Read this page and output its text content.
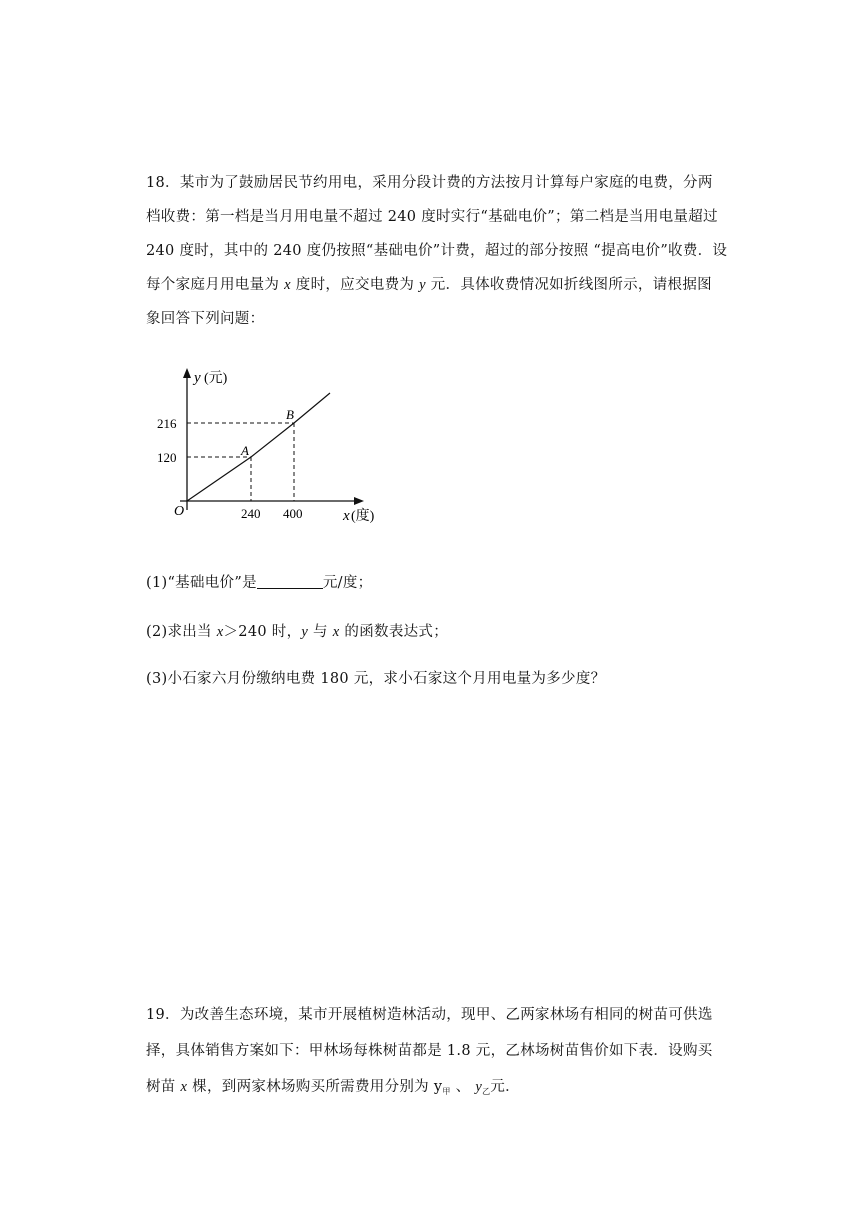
18．某市为了鼓励居民节约用电，采用分段计费的方法按月计算每户家庭的电费，分两
档收费：第一档是当月用电量不超过 240 度时实行“基础电价”；第二档是当用电量超过
240 度时，其中的 240 度仍按照“基础电价”计费，超过的部分按照 “提高电价”收费．设
每个家庭月用电量为 x 度时，应交电费为 y 元．具体收费情况如折线图所示，请根据图
象回答下列问题：
y (元)
x (度)
O
216
120
240 400
A
B
(1)“基础电价”是	元/度；
(2)求出当 x＞240 时，y 与 x 的函数表达式；
(3)小石家六月份缴纳电费 180 元，求小石家这个月用电量为多少度？
19．为改善生态环境，某市开展植树造林活动，现甲、乙两家林场有相同的树苗可供选
择，具体销售方案如下：甲林场每株树苗都是 1.8 元，乙林场树苗售价如下表．设购买
树苗 x 棵，到两家林场购买所需费用分别为 $y_甲$ 、 $y_乙$元．
